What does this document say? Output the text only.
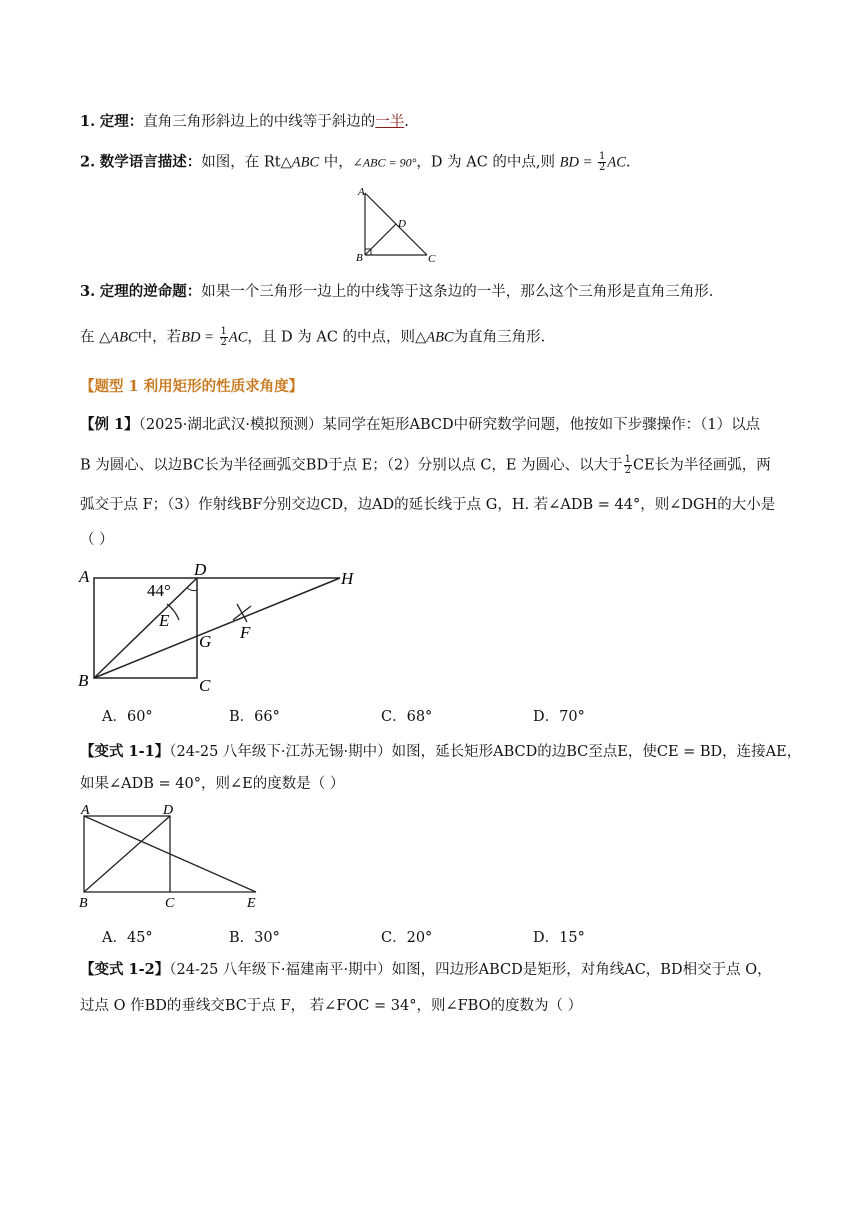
1. 定理：直角三角形斜边上的中线等于斜边的一半.
2. 数学语言描述：如图，在 Rt△ABC 中，∠ABC = 90°，D 为 AC 的中点,则 BD = $\frac{1}{2}$ AC.
A
B	C
D
3. 定理的逆命题：如果一个三角形一边上的中线等于这条边的一半，那么这个三角形是直角三角形.
在 △ABC中，若BD = $\frac{1}{2}$ AC，且 D 为 AC 的中点，则△ABC为直角三角形.
【题型 1 利用矩形的性质求角度】
【例 1】（2025·湖北武汉·模拟预测）某同学在矩形ABCD中研究数学问题，他按如下步骤操作：（1）以点
B 为圆心、以边BC长为半径画弧交BD于点 E；（2）分别以点 C，E 为圆心、以大于 $\frac{1}{2}$ CE长为半径画弧，两
弧交于点 F；（3）作射线BF分别交边CD，边AD的延长线于点 G，H. 若∠ADB = 44°，则∠DGH的大小是
（ ）
A	D	H
44°
E
F
G
B	C
A．60°	B．66°	C．68°	D．70°
【变式 1-1】（24-25 八年级下·江苏无锡·期中）如图，延长矩形ABCD的边BC至点E，使CE = BD，连接AE，
如果∠ADB = 40°，则∠E的度数是（ ）
A	D
B	C	E
A．45°	B．30°	C．20°	D．15°
【变式 1-2】（24-25 八年级下·福建南平·期中）如图，四边形ABCD是矩形，对角线AC，BD相交于点 O，
过点 O 作BD的垂线交BC于点 F， 若∠FOC = 34°，则∠FBO的度数为（ ）
